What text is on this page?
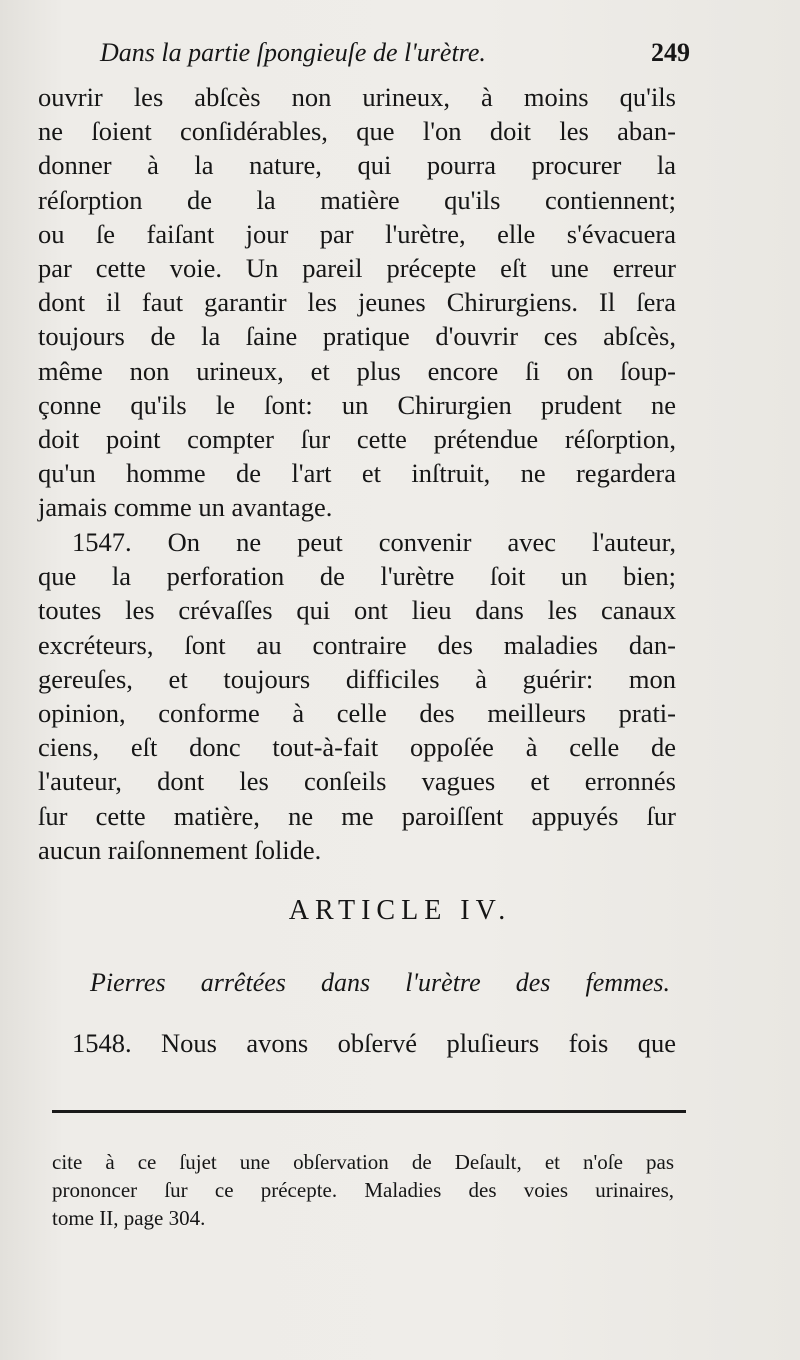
Dans la partie ſpongieuſe de l'urètre.	249
ouvrir les abſcès non urineux, à moins qu'ils
ne ſoient conſidérables, que l'on doit les aban-
donner à la nature, qui pourra procurer la
réſorption de la matière qu'ils contiennent;
ou ſe faiſant jour par l'urètre, elle s'évacuera
par cette voie. Un pareil précepte eſt une erreur
dont il faut garantir les jeunes Chirurgiens. Il ſera
toujours de la ſaine pratique d'ouvrir ces abſcès,
même non urineux, et plus encore ſi on ſoup-
çonne qu'ils le ſont: un Chirurgien prudent ne
doit point compter ſur cette prétendue réſorption,
qu'un homme de l'art et inſtruit, ne regardera
jamais comme un avantage.
1547. On ne peut convenir avec l'auteur,
que la perforation de l'urètre ſoit un bien;
toutes les crévaſſes qui ont lieu dans les canaux
excréteurs, ſont au contraire des maladies dan-
gereuſes, et toujours difficiles à guérir: mon
opinion, conforme à celle des meilleurs prati-
ciens, eſt donc tout-à-fait oppoſée à celle de
l'auteur, dont les conſeils vagues et erronnés
ſur cette matière, ne me paroiſſent appuyés ſur
aucun raiſonnement ſolide.
ARTICLE IV.
Pierres arrêtées dans l'urètre des femmes.
1548. Nous avons obſervé pluſieurs fois que
cite à ce ſujet une obſervation de Deſault, et n'oſe pas
prononcer ſur ce précepte. Maladies des voies urinaires,
tome II, page 304.
